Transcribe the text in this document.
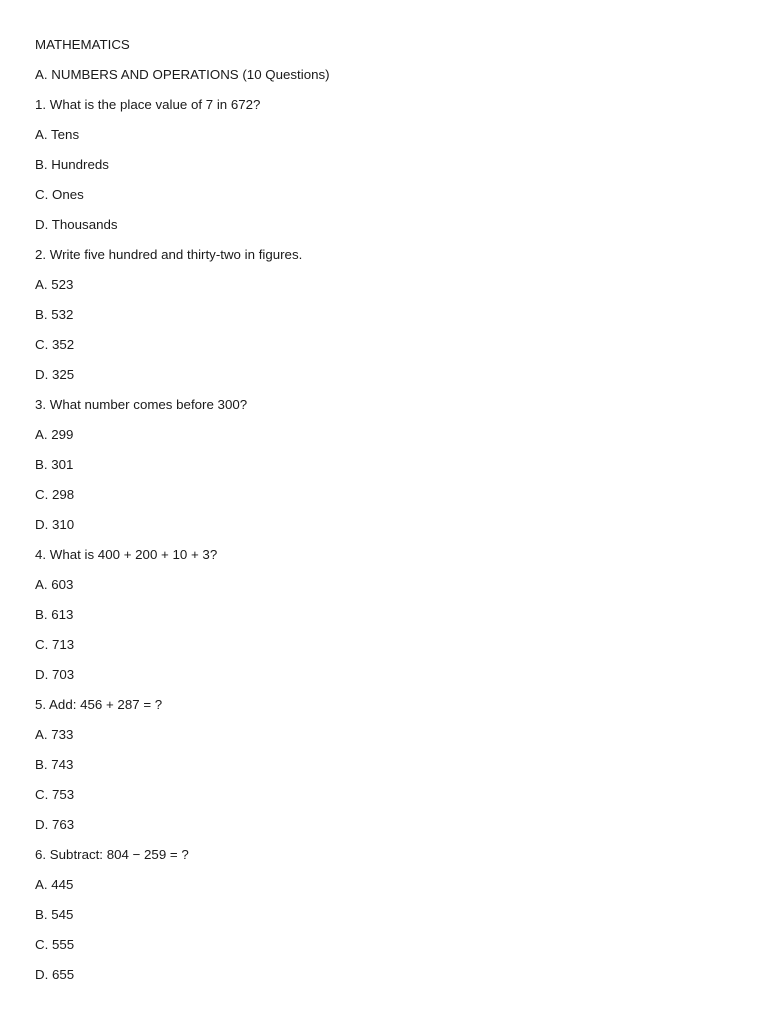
MATHEMATICS
A. NUMBERS AND OPERATIONS (10 Questions)
1. What is the place value of 7 in 672?
A. Tens
B. Hundreds
C. Ones
D. Thousands
2. Write five hundred and thirty-two in figures.
A. 523
B. 532
C. 352
D. 325
3. What number comes before 300?
A. 299
B. 301
C. 298
D. 310
4. What is 400 + 200 + 10 + 3?
A. 603
B. 613
C. 713
D. 703
5. Add: 456 + 287 = ?
A. 733
B. 743
C. 753
D. 763
6. Subtract: 804 − 259 = ?
A. 445
B. 545
C. 555
D. 655
